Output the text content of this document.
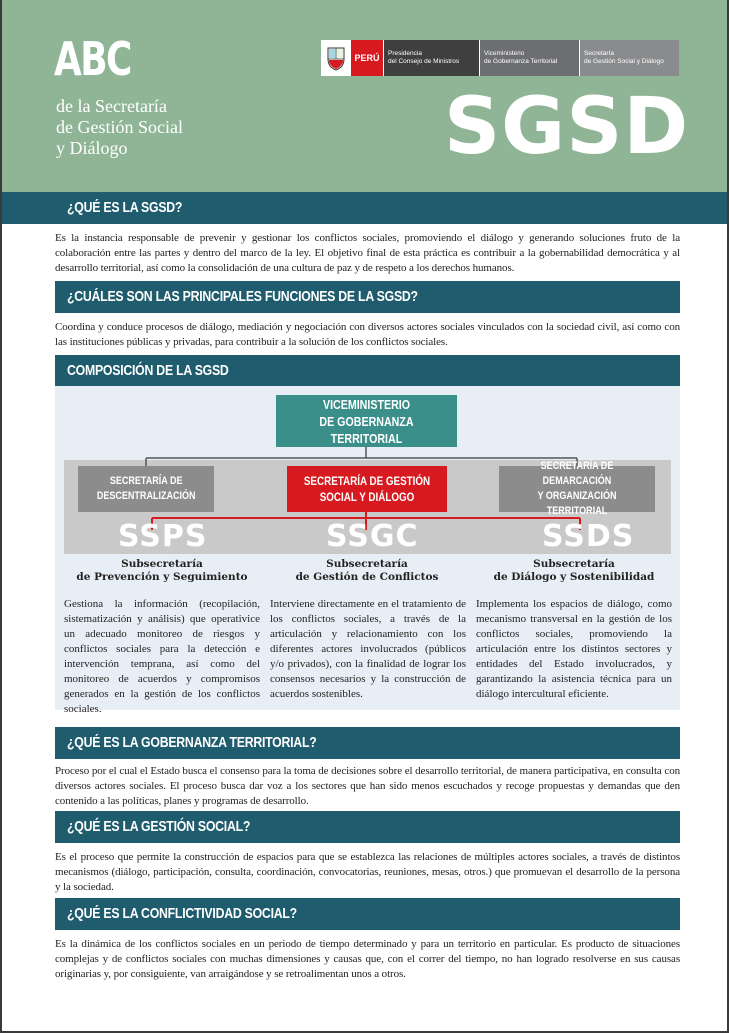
ABC
de la Secretaría
de Gestión Social
y Diálogo
PERÚ	Presidencia
del Consejo de Ministros
Viceministerio
de Gobernanza Territorial
Secretaría
de Gestión Social y Diálogo
SGSD
¿QUÉ ES LA SGSD?
Es la instancia responsable de prevenir y gestionar los conflictos sociales, promoviendo el diálogo y generando soluciones fruto de la colaboración entre las partes y dentro del marco de la ley. El objetivo final de esta práctica es contribuir a la gobernabilidad democrática y al desarrollo territorial, así como la consolidación de una cultura de paz y de respeto a los derechos humanos.
¿CUÁLES SON LAS PRINCIPALES FUNCIONES DE LA SGSD?
Coordina y conduce procesos de diálogo, mediación y negociación con diversos actores sociales vinculados con la sociedad civil, así como con las instituciones públicas y privadas, para contribuir a la solución de los conflictos sociales.
COMPOSICIÓN DE LA SGSD
VICEMINISTERIO
DE GOBERNANZA TERRITORIAL
SECRETARÍA DE
DESCENTRALIZACIÓN
SECRETARÍA DE GESTIÓN
SOCIAL Y DIÁLOGO
SECRETARÍA DE DEMARCACIÓN
Y ORGANIZACIÓN TERRITORIAL
SSPS	SSGC	SSDS
Subsecretaría
de Prevención y Seguimiento
Subsecretaría
de Gestión de Conflictos
Subsecretaría
de Diálogo y Sostenibilidad
Gestiona la información (recopilación, sistematización y análisis) que operativice un adecuado monitoreo de riesgos y conflictos sociales para la detección e intervención temprana, así como del monitoreo de acuerdos y compromisos generados en la gestión de los conflictos sociales.
Interviene directamente en el tratamiento de los conflictos sociales, a través de la articulación y relacionamiento con los diferentes actores involucrados (públicos y/o privados), con la finalidad de lograr los consensos necesarios y la construcción de acuerdos sostenibles.
Implementa los espacios de diálogo, como mecanismo transversal en la gestión de los conflictos sociales, promoviendo la articulación entre los distintos sectores y entidades del Estado involucrados, y garantizando la asistencia técnica para un diálogo intercultural eficiente.
¿QUÉ ES LA GOBERNANZA TERRITORIAL?
Proceso por el cual el Estado busca el consenso para la toma de decisiones sobre el desarrollo territorial, de manera participativa, en consulta con diversos actores sociales. El proceso busca dar voz a los sectores que han sido menos escuchados y recoge propuestas y demandas que den contenido a las políticas, planes y programas de desarrollo.
¿QUÉ ES LA GESTIÓN SOCIAL?
Es el proceso que permite la construcción de espacios para que se establezca las relaciones de múltiples actores sociales, a través de distintos mecanismos (diálogo, participación, consulta, coordinación, convocatorias, reuniones, mesas, otros.) que promuevan el desarrollo de la persona y la sociedad.
¿QUÉ ES LA CONFLICTIVIDAD SOCIAL?
Es la dinámica de los conflictos sociales en un periodo de tiempo determinado y para un territorio en particular. Es producto de situaciones complejas y de conflictos sociales con muchas dimensiones y causas que, con el correr del tiempo, no han logrado resolverse en sus causas originarias y, por consiguiente, van arraigándose y se retroalimentan unos a otros.
